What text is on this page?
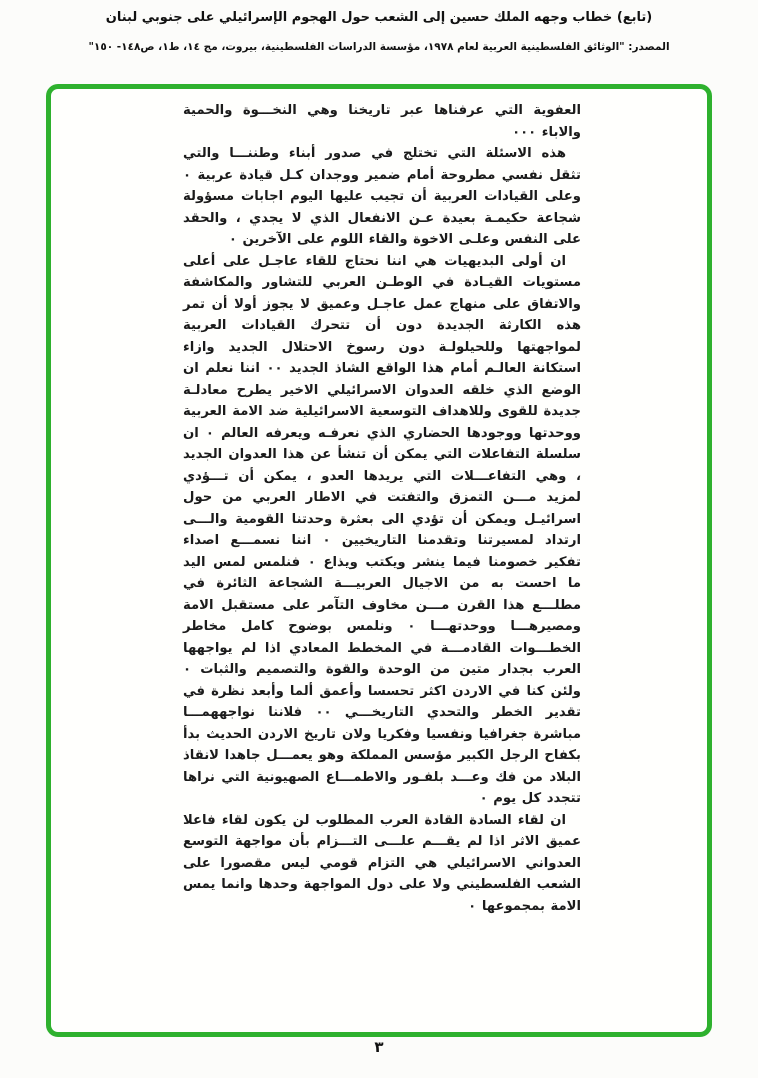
(تابع) خطاب وجهه الملك حسين إلى الشعب حول الهجوم الإسرائيلي على جنوبي لبنان
المصدر: "الوثائق الفلسطينية العربية لعام ١٩٧٨، مؤسسة الدراسات الفلسطينية، بيروت، مج ١٤، ط١، ص١٤٨- ١٥٠"

العفوية التي عرفناها عبر تاريخنا وهي النخـــوة والحمية والاباء ٠٠٠

هذه الاسئلة التي تختلج في صدور أبناء وطننـــا والتي تثقل نفسي مطروحة أمام ضمير ووجدان كـل قيادة عربية ٠ وعلى القيادات العربية أن تجيب عليها اليوم اجابات مسؤولة شجاعة حكيمـة بعيدة عـن الانفعال الذي لا يجدي ، والحقد على النفس وعلـى الاخوة والقاء اللوم على الآخرين ٠

ان أولى البديهيات هي اننا نحتاج للقاء عاجـل على أعلى مستويات القيـادة في الوطـن العربي للتشاور والمكاشفة والاتفاق على منهاج عمل عاجـل وعميق لا يجوز أولا أن تمر هذه الكارثة الجديدة دون أن تتحرك القيادات العربية لمواجهتها وللحيلولـة دون رسوخ الاحتلال الجديد وازاء استكانة العالـم أمام هذا الواقع الشاذ الجديد ٠٠ اننا نعلم ان الوضع الذي خلقه العدوان الاسرائيلي الاخير يطرح معادلـة جديدة للقوى وللاهداف التوسعية الاسرائيلية ضد الامة العربية ووحدتها ووجودها الحضاري الذي نعرفـه ويعرفه العالم ٠ ان سلسلة التفاعلات التي يمكن أن تنشأ عن هذا العدوان الجديد ، وهي التفاعـــلات التي يريدها العدو ، يمكن أن تـــؤدي لمزيد مـــن التمزق والتفتت في الاطار العربي من حول اسرائيـل ويمكن أن تؤدي الى بعثرة وحدتنا القومية والـــى ارتداد لمسيرتنا وتقدمنا التاريخيين ٠ اننا نسمـــع اصداء تفكير خصومنا فيما ينشر ويكتب ويذاع ٠ فنلمس لمس اليد ما احست به من الاجيال العربيـــة الشجاعة الثائرة في مطلـــع هذا القرن مـــن مخاوف التآمر على مستقبل الامة ومصيرهـــا ووحدتهـــا ٠ ونلمس بوضوح كامل مخاطر الخطـــوات القادمـــة في المخطط المعادي اذا لم يواجهها العرب بجدار متين من الوحدة والقوة والتصميم والثبات ٠ ولئن كنا في الاردن اكثر تحسسا وأعمق ألما وأبعد نظرة في تقدير الخطر والتحدي التاريخـــي ٠٠ فلاننا نواجههمـــا مباشرة جغرافيا ونفسيا وفكريا ولان تاريخ الاردن الحديث بدأ بكفاح الرجل الكبير مؤسس المملكة وهو يعمـــل جاهدا لانقاذ البلاد من فك وعـــد بلفـور والاطمـــاع الصهيونية التي نراها تتجدد كل يوم ٠

ان لقاء السادة القادة العرب المطلوب لن يكون لقاء فاعلا عميق الاثر اذا لم يقـــم علـــى التـــزام بأن مواجهة التوسع العدواني الاسرائيلي هي التزام قومي ليس مقصورا على الشعب الفلسطيني ولا على دول المواجهة وحدها وانما يمس الامة بمجموعها ٠

٣
